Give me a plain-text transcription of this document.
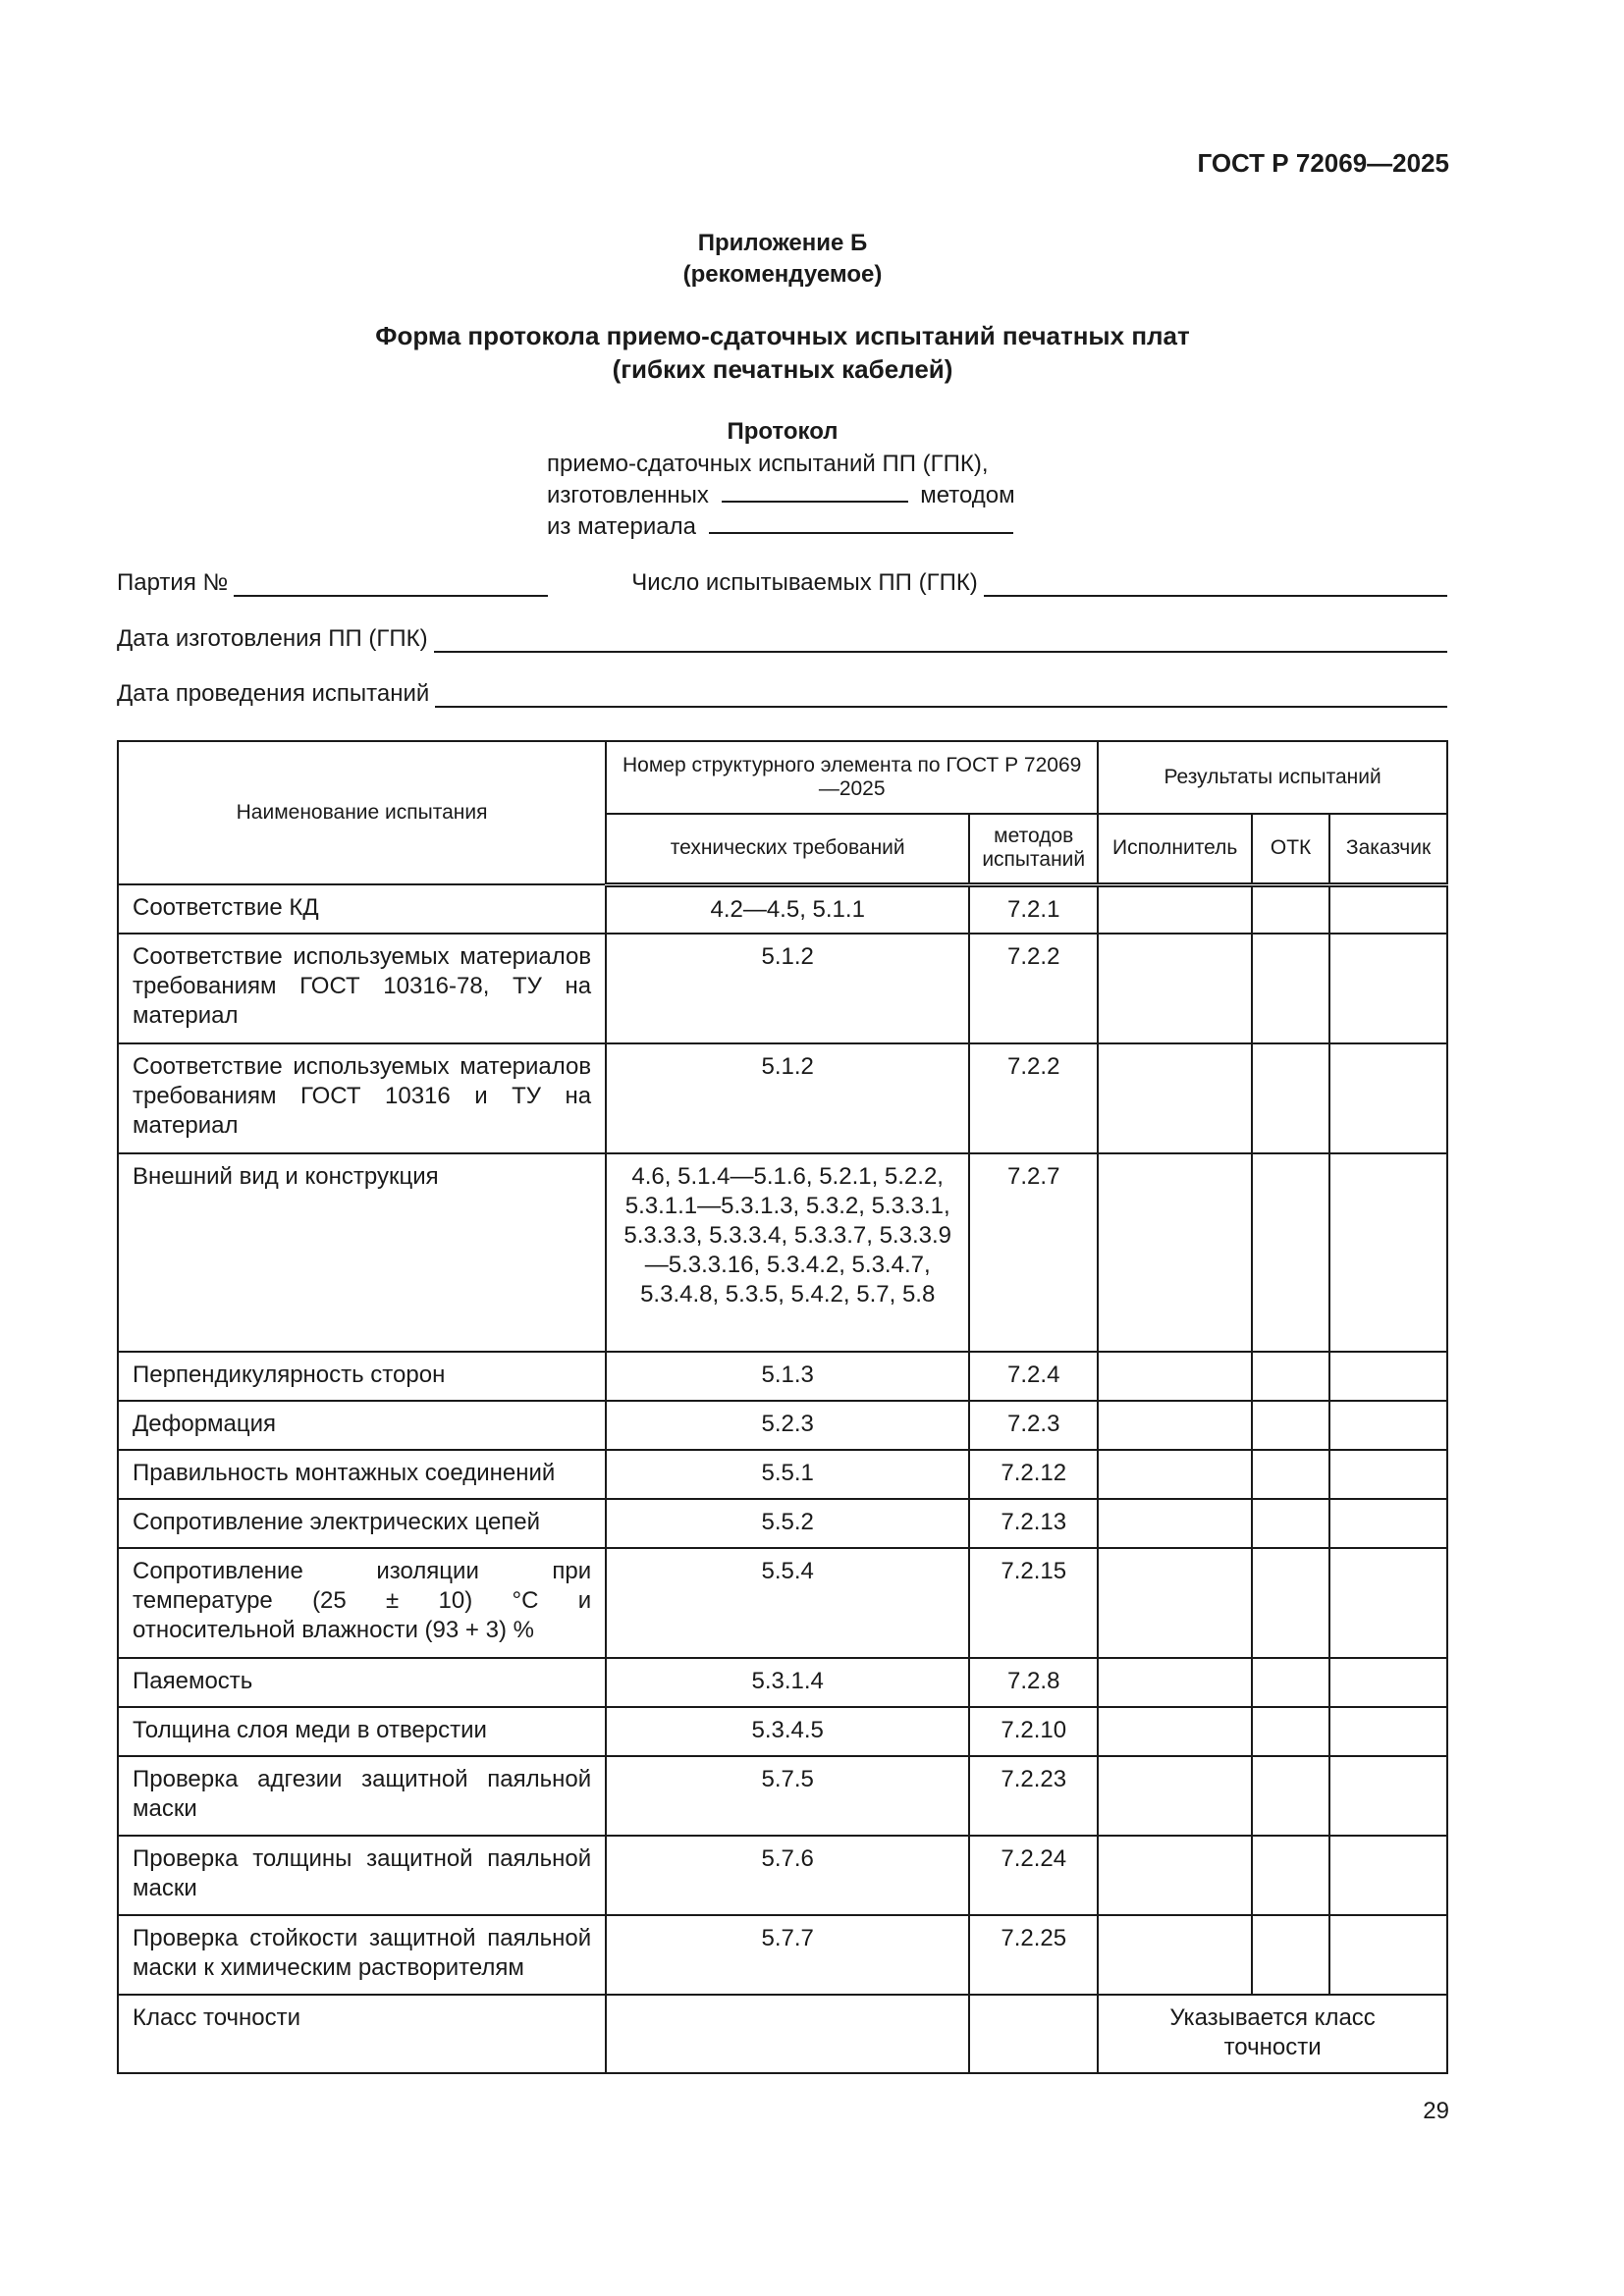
ГОСТ Р 72069—2025
Приложение Б
(рекомендуемое)
Форма протокола приемо-сдаточных испытаний печатных плат
(гибких печатных кабелей)
Протокол
приемо-сдаточных испытаний ПП (ГПК),
изготовленных	методом
из материала
Партия №	Число испытываемых ПП (ГПК)
Дата изготовления ПП (ГПК)
Дата проведения испытаний
Наименование испытания	Номер структурного элемента по ГОСТ Р 72069—2025		Результаты испытаний		
	технических требований	методов испытаний	Исполнитель	ОТК	Заказчик
Соответствие КД	4.2—4.5, 5.1.1	7.2.1			
Соответствие используемых материалов требованиям ГОСТ 10316-78, ТУ на материал	5.1.2	7.2.2			
Соответствие используемых материалов требованиям ГОСТ 10316 и ТУ на материал	5.1.2	7.2.2			
Внешний вид и конструкция	4.6, 5.1.4—5.1.6, 5.2.1, 5.2.2, 5.3.1.1—5.3.1.3, 5.3.2, 5.3.3.1, 5.3.3.3, 5.3.3.4, 5.3.3.7, 5.3.3.9—5.3.3.16, 5.3.4.2, 5.3.4.7, 5.3.4.8, 5.3.5, 5.4.2, 5.7, 5.8	7.2.7			
Перпендикулярность сторон	5.1.3	7.2.4			
Деформация	5.2.3	7.2.3			
Правильность монтажных соединений	5.5.1	7.2.12			
Сопротивление электрических цепей	5.5.2	7.2.13			
Сопротивление изоляции при температуре (25 ± 10) °С и относительной влажности (93 + 3) %	5.5.4	7.2.15			
Паяемость	5.3.1.4	7.2.8			
Толщина слоя меди в отверстии	5.3.4.5	7.2.10			
Проверка адгезии защитной паяльной маски	5.7.5	7.2.23			
Проверка толщины защитной паяльной маски	5.7.6	7.2.24			
Проверка стойкости защитной паяльной маски к химическим растворителям	5.7.7	7.2.25			
Класс точности			Указывается класс точности		
29
